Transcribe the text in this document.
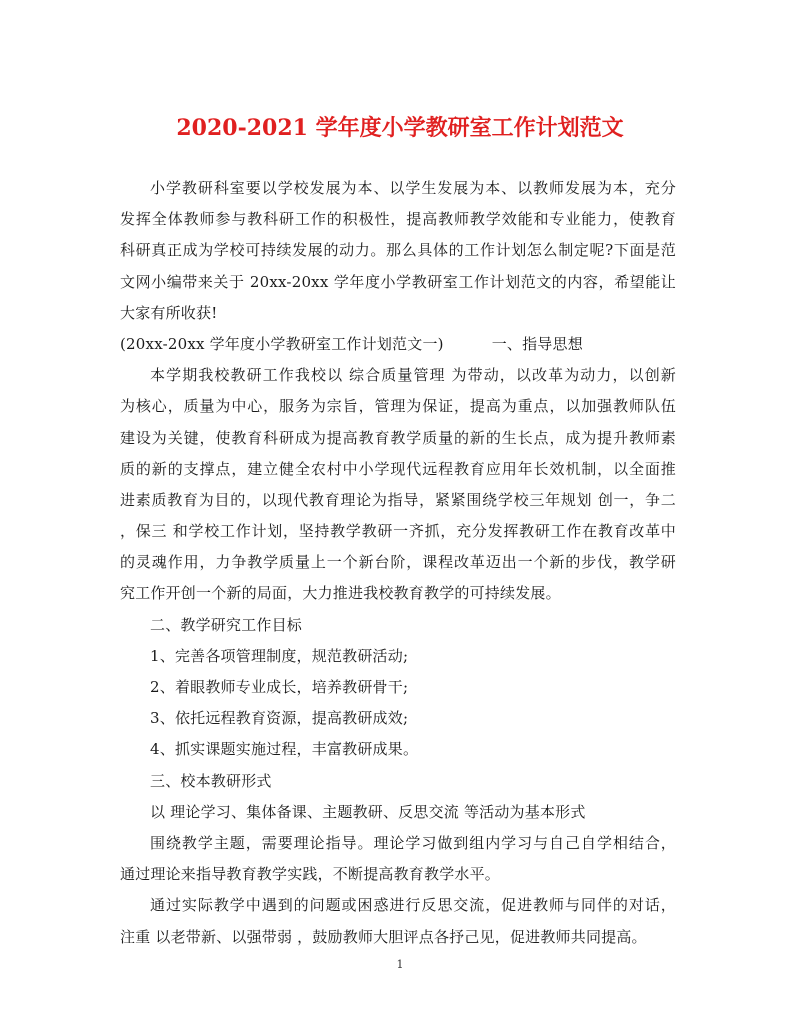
2020-2021 学年度小学教研室工作计划范文
小学教研科室要以学校发展为本、以学生发展为本、以教师发展为本，充分
发挥全体教师参与教科研工作的积极性，提高教师教学效能和专业能力，使教育
科研真正成为学校可持续发展的动力。那么具体的工作计划怎么制定呢?下面是范
文网小编带来关于 20xx-20xx 学年度小学教研室工作计划范文的内容，希望能让
大家有所收获!
(20xx-20xx 学年度小学教研室工作计划范文一)	一、指导思想
本学期我校教研工作我校以 综合质量管理 为带动，以改革为动力，以创新
为核心，质量为中心，服务为宗旨，管理为保证，提高为重点，以加强教师队伍
建设为关键，使教育科研成为提高教育教学质量的新的生长点，成为提升教师素
质的新的支撑点，建立健全农村中小学现代远程教育应用年长效机制，以全面推
进素质教育为目的，以现代教育理论为指导，紧紧围绕学校三年规划 创一，争二
，保三 和学校工作计划，坚持教学教研一齐抓，充分发挥教研工作在教育改革中
的灵魂作用，力争教学质量上一个新台阶，课程改革迈出一个新的步伐，教学研
究工作开创一个新的局面，大力推进我校教育教学的可持续发展。
二、教学研究工作目标
1、完善各项管理制度，规范教研活动;
2、着眼教师专业成长，培养教研骨干;
3、依托远程教育资源，提高教研成效;
4、抓实课题实施过程，丰富教研成果。
三、校本教研形式
以 理论学习、集体备课、主题教研、反思交流 等活动为基本形式
围绕教学主题，需要理论指导。理论学习做到组内学习与自己自学相结合，
通过理论来指导教育教学实践，不断提高教育教学水平。
通过实际教学中遇到的问题或困惑进行反思交流，促进教师与同伴的对话，
注重 以老带新、以强带弱 ，鼓励教师大胆评点各抒己见，促进教师共同提高。
1
